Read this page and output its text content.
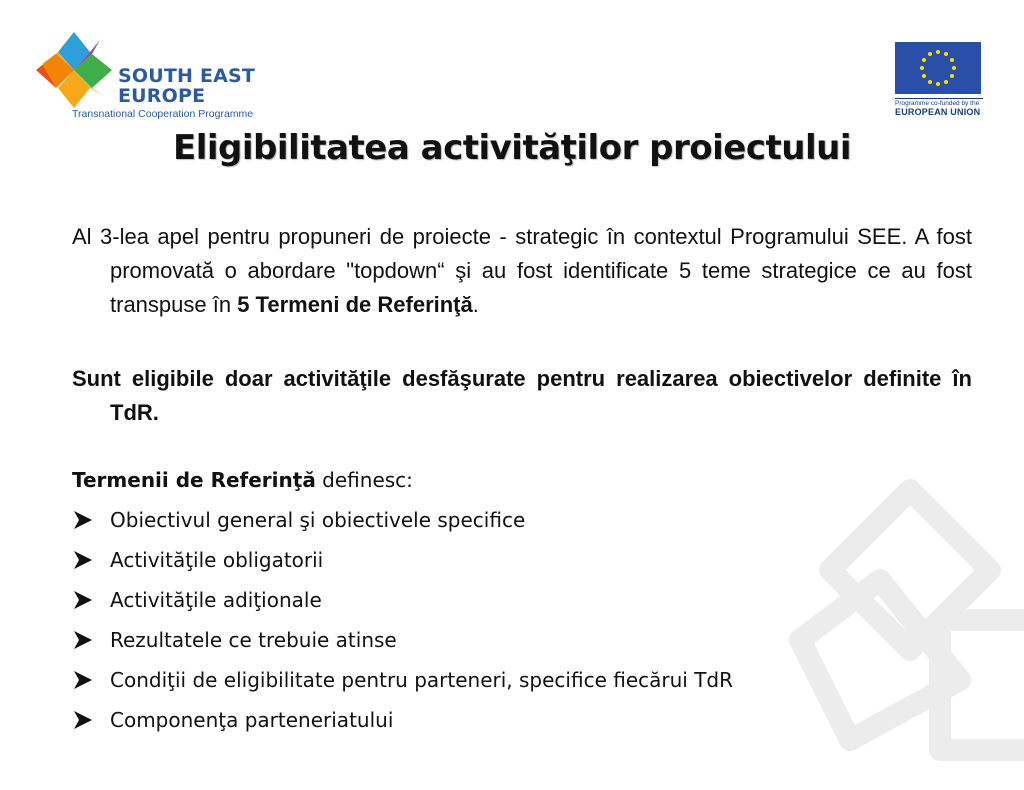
SOUTH EAST
EUROPE
Transnational Cooperation Programme
Programme co-funded by the
EUROPEAN UNION
Eligibilitatea activităţilor proiectului
Al 3-lea apel pentru propuneri de proiecte - strategic în contextul Programului SEE. A fost promovată o abordare "topdown“ şi au fost identificate 5 teme strategice ce au fost transpuse în 5 Termeni de Referinţă.
Sunt eligibile doar activităţile desfăşurate pentru realizarea obiectivelor definite în TdR.
Termenii de Referinţă definesc:
Obiectivul general şi obiectivele specifice
Activităţile obligatorii
Activităţile adiţionale
Rezultatele ce trebuie atinse
Condiţii de eligibilitate pentru parteneri, specifice fiecărui TdR
Componenţa parteneriatului
